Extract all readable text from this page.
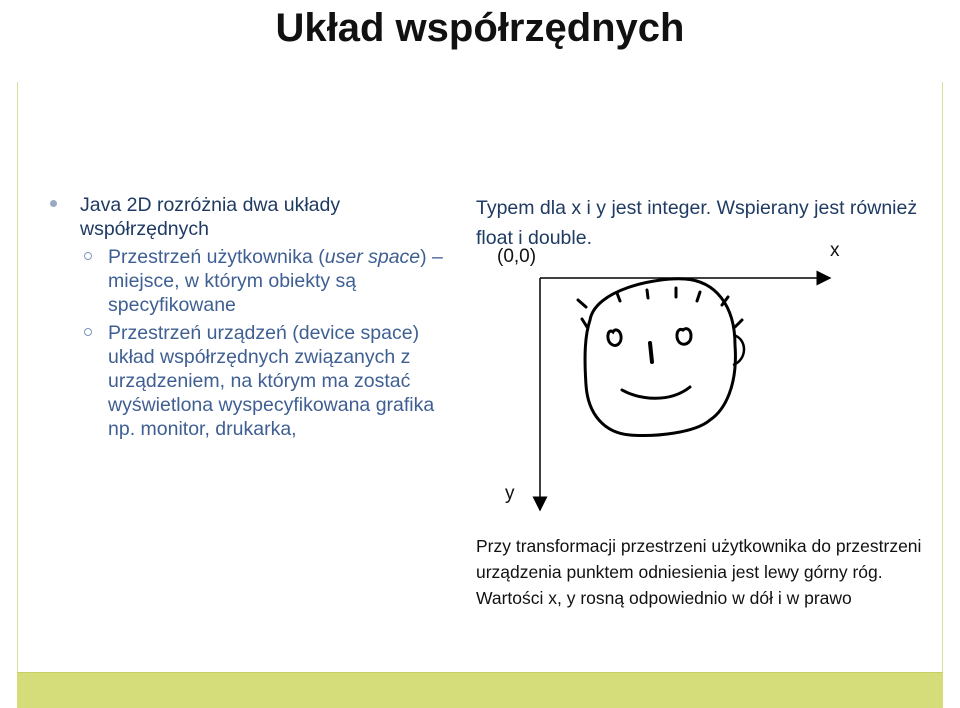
Układ współrzędnych
Java 2D rozróżnia dwa układy współrzędnych
Przestrzeń użytkownika (user space) – miejsce, w którym obiekty są specyfikowane
Przestrzeń urządzeń (device space) układ współrzędnych związanych z urządzeniem, na którym ma zostać wyświetlona wyspecyfikowana grafika np. monitor, drukarka,
Typem dla x i y jest integer. Wspierany jest również float i double.
(0,0)	x
y
Przy transformacji przestrzeni użytkownika do przestrzeni urządzenia punktem odniesienia jest lewy górny róg. Wartości x, y rosną odpowiednio w dół i w prawo
